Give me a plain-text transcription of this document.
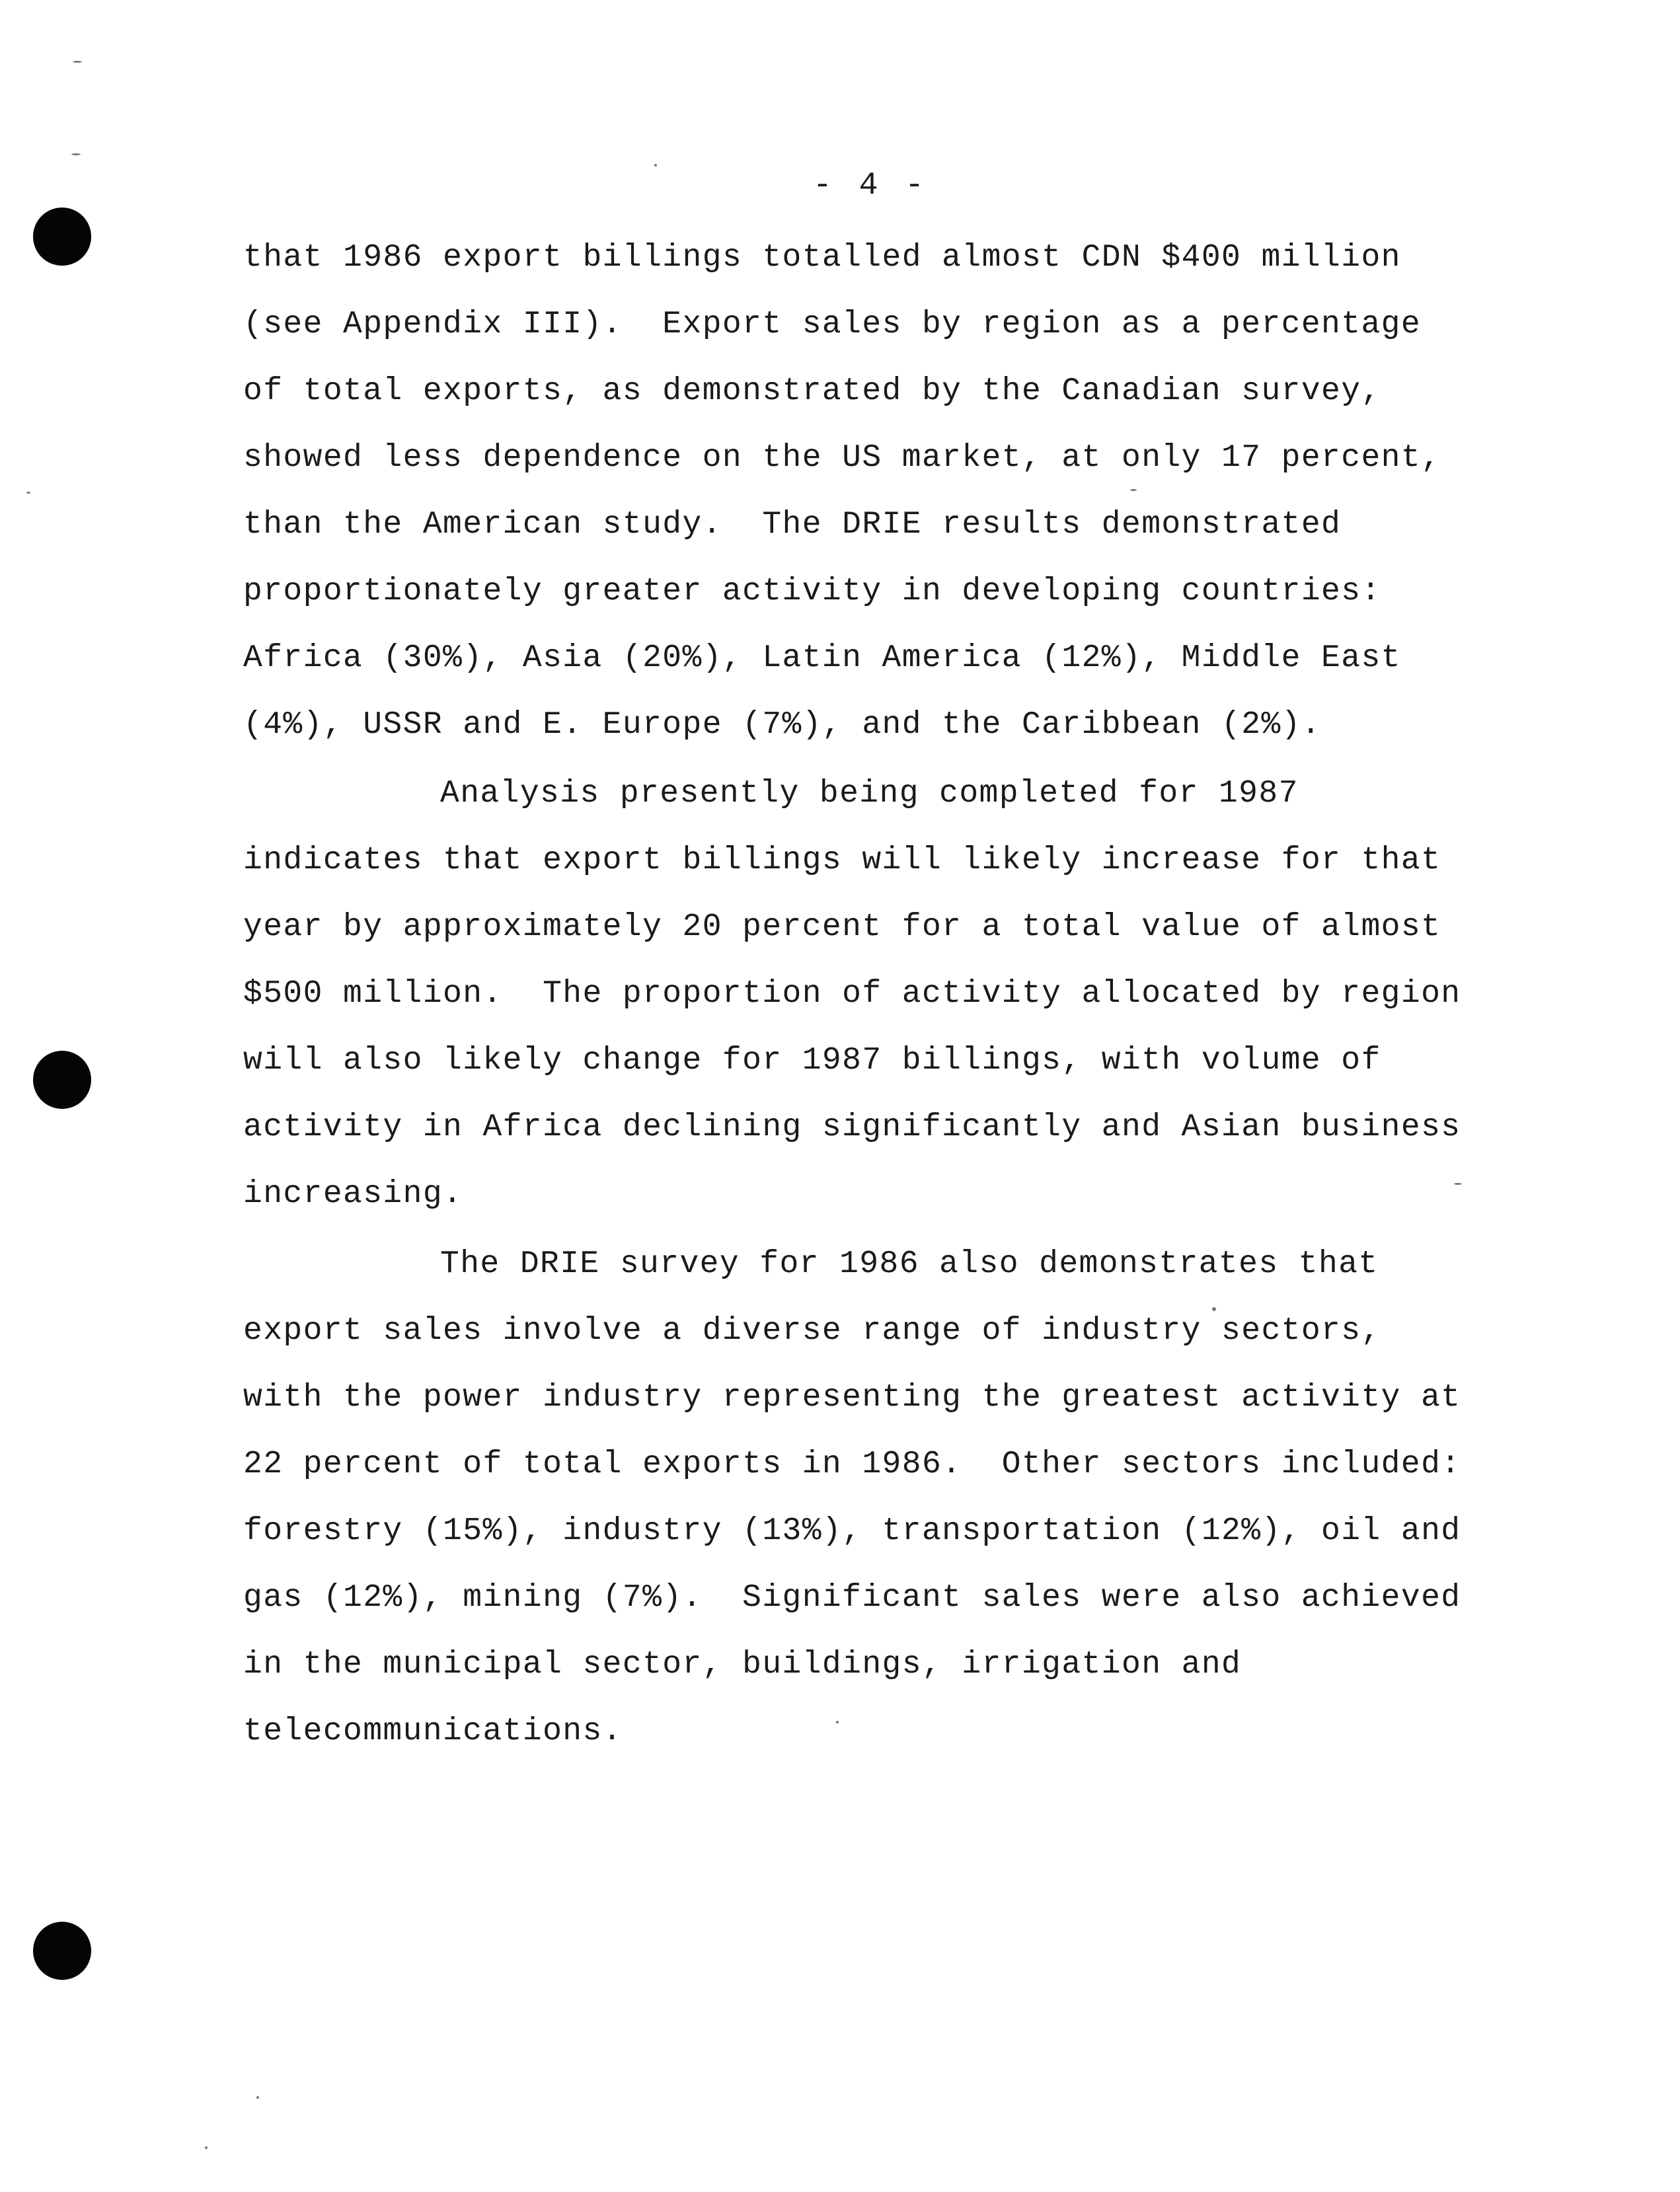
- 4 -
that 1986 export billings totalled almost CDN $400 million
(see Appendix III).  Export sales by region as a percentage
of total exports, as demonstrated by the Canadian survey,
showed less dependence on the US market, at only 17 percent,
than the American study.  The DRIE results demonstrated
proportionately greater activity in developing countries:
Africa (30%), Asia (20%), Latin America (12%), Middle East
(4%), USSR and E. Europe (7%), and the Caribbean (2%).
Analysis presently being completed for 1987
indicates that export billings will likely increase for that
year by approximately 20 percent for a total value of almost
$500 million.  The proportion of activity allocated by region
will also likely change for 1987 billings, with volume of
activity in Africa declining significantly and Asian business
increasing.
The DRIE survey for 1986 also demonstrates that
export sales involve a diverse range of industry sectors,
with the power industry representing the greatest activity at
22 percent of total exports in 1986.  Other sectors included:
forestry (15%), industry (13%), transportation (12%), oil and
gas (12%), mining (7%).  Significant sales were also achieved
in the municipal sector, buildings, irrigation and
telecommunications.
